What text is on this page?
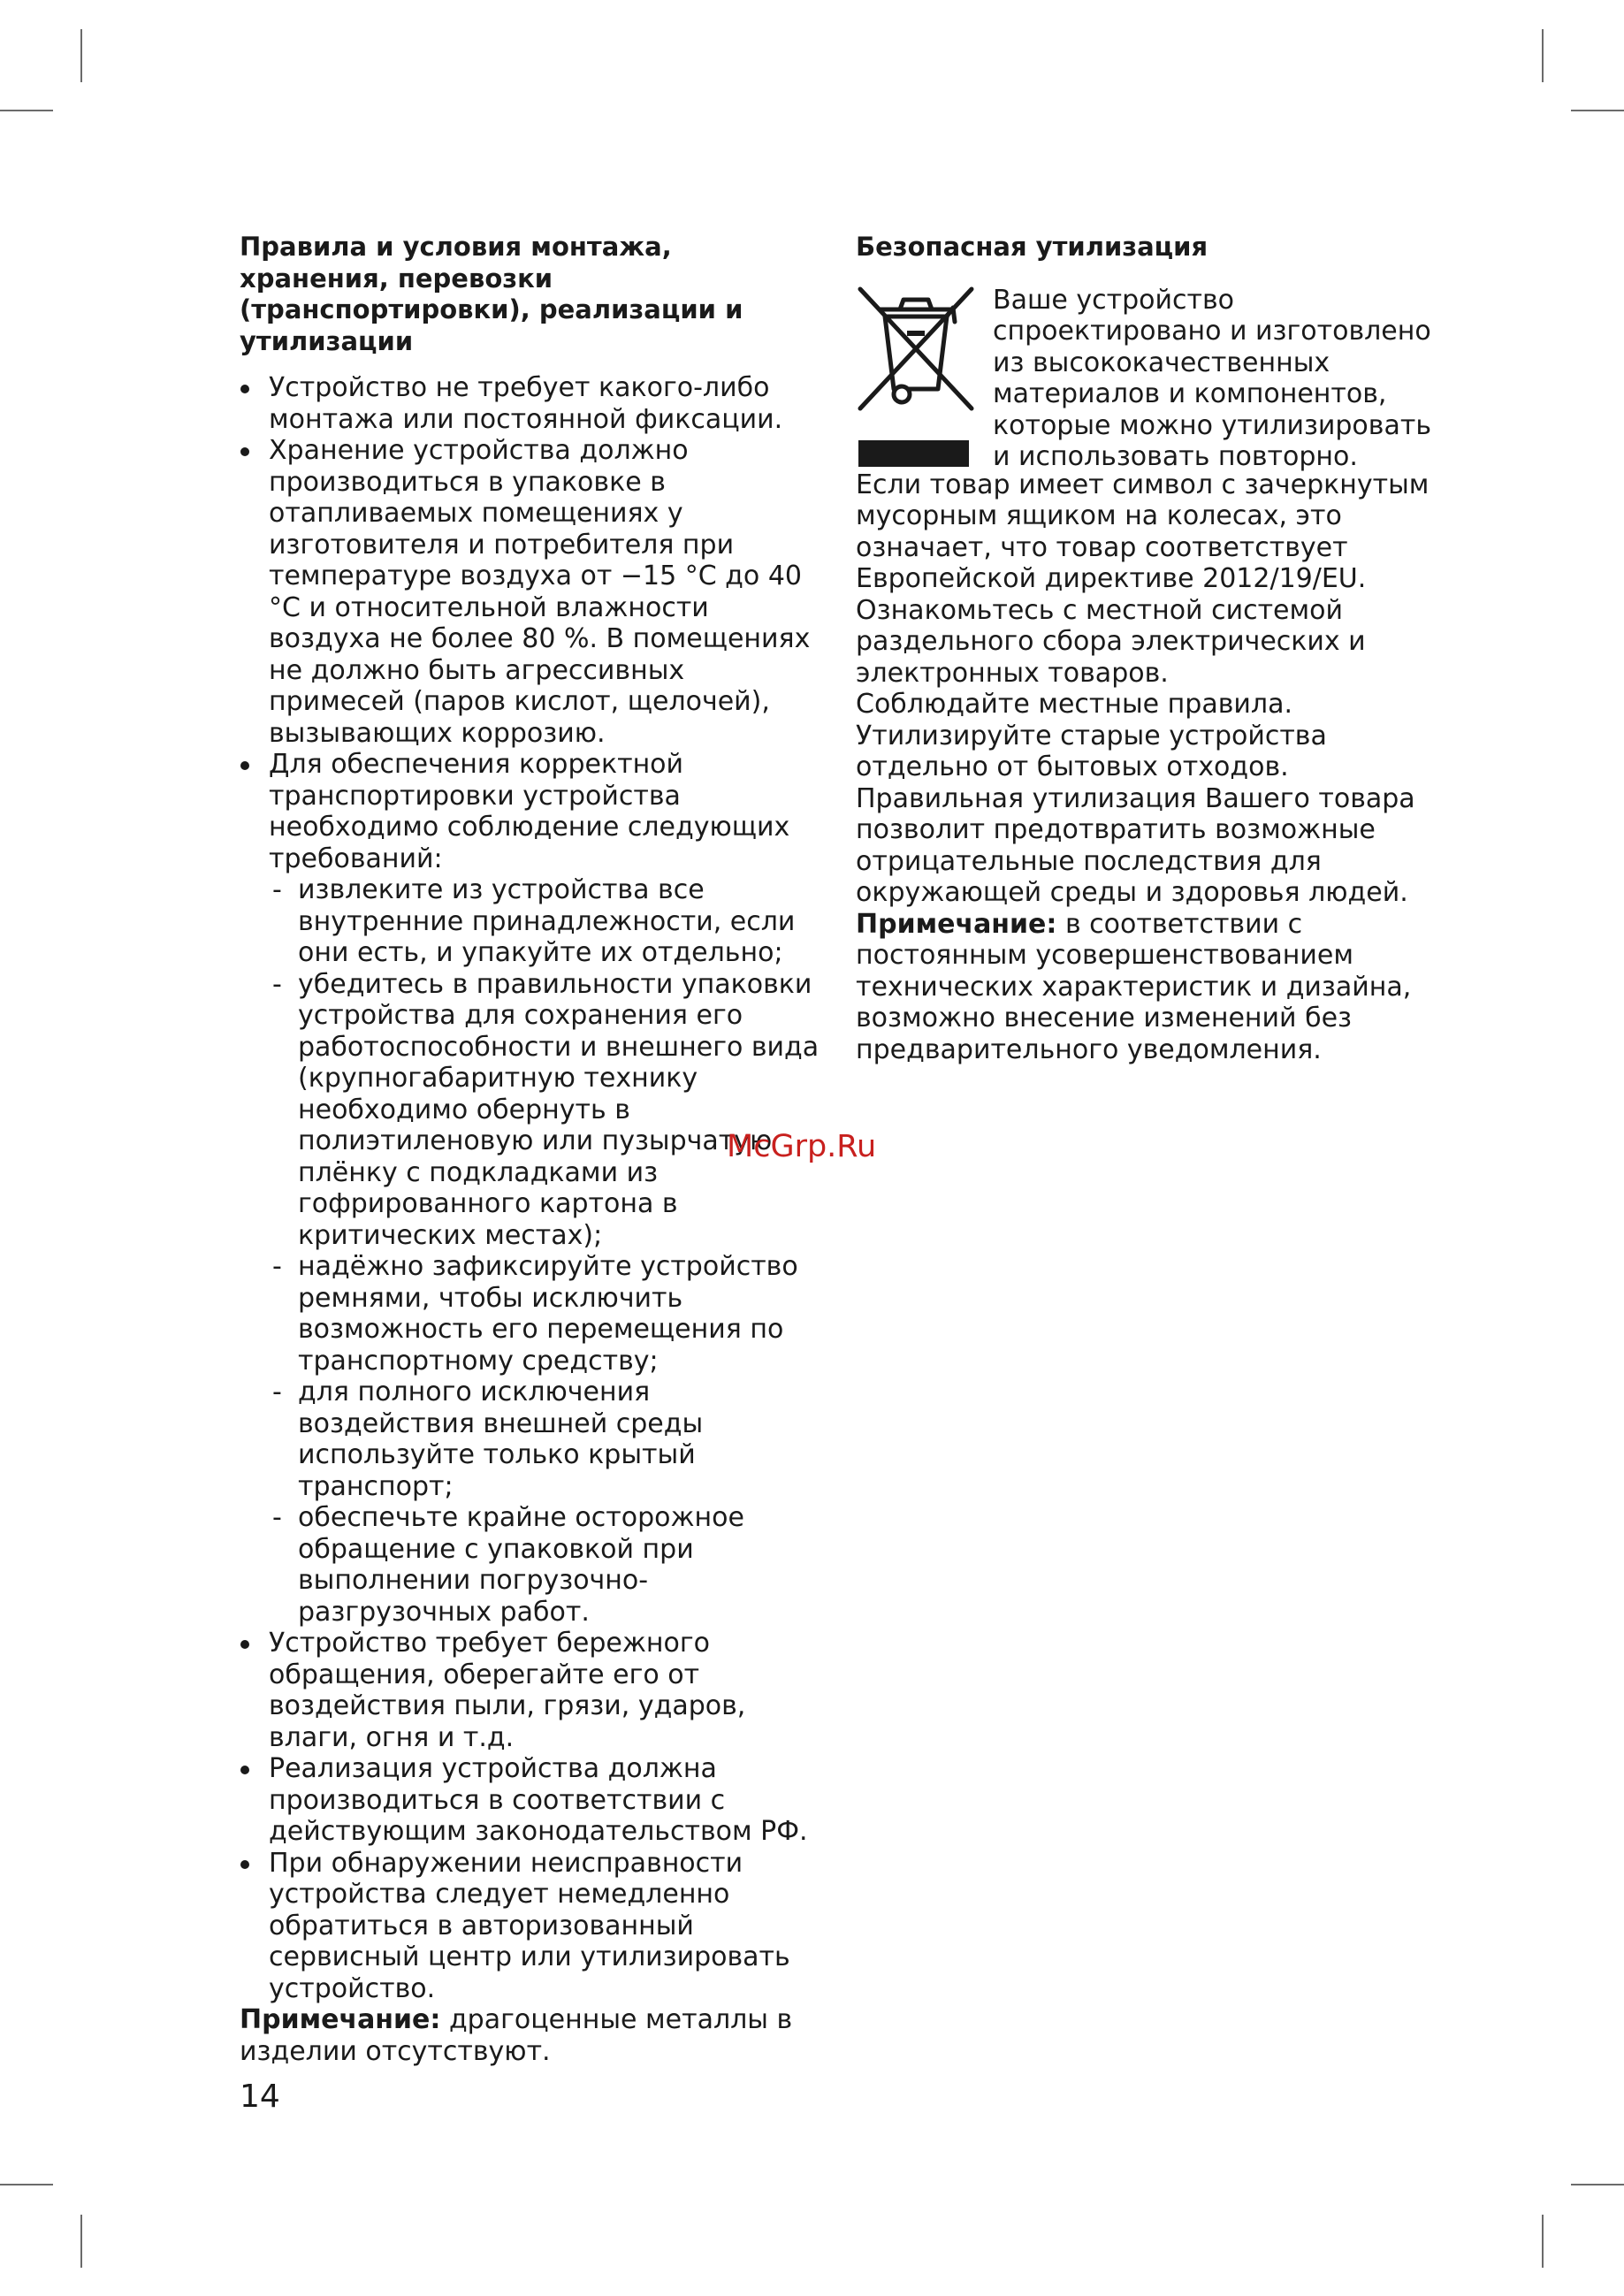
Правила и условия монтажа, хранения, перевозки (транспортировки), реализации и утилизации
Устройство не требует какого-либо монтажа или постоянной фиксации.
Хранение устройства должно производиться в упаковке в отапливаемых помещениях у изготовителя и потребителя при температуре воздуха от −15 °C до 40 °C и относительной влажности воздуха не более 80 %. В помещениях не должно быть агрессивных примесей (паров кислот, щелочей), вызывающих коррозию.
Для обеспечения корректной транспортировки устройства необходимо соблюдение следующих требований:
- извлеките из устройства все внутренние принадлежности, если они есть, и упакуйте их отдельно;
- убедитесь в правильности упаковки устройства для сохранения его работоспособности и внешнего вида (крупногабаритную технику необходимо обернуть в полиэтиленовую или пузырчатую плёнку с подкладками из гофрированного картона в критических местах);
- надёжно зафиксируйте устройство ремнями, чтобы исключить возможность его перемещения по транспортному средству;
- для полного исключения воздействия внешней среды используйте только крытый транспорт;
- обеспечьте крайне осторожное обращение с упаковкой при выполнении погрузочно-разгрузочных работ.
Устройство требует бережного обращения, оберегайте его от воздействия пыли, грязи, ударов, влаги, огня и т.д.
Реализация устройства должна производиться в соответствии с действующим законодательством РФ.
При обнаружении неисправности устройства следует немедленно обратиться в авторизованный сервисный центр или утилизировать устройство.

Примечание: драгоценные металлы в изделии отсутствуют.

Безопасная утилизация

Ваше устройство спроектировано и изготовлено из высококачественных материалов и компонентов, которые можно утилизировать и использовать повторно.

Если товар имеет символ с зачеркнутым мусорным ящиком на колесах, это означает, что товар соответствует Европейской директиве 2012/19/EU.

Ознакомьтесь с местной системой раздельного сбора электрических и электронных товаров.

Соблюдайте местные правила.

Утилизируйте старые устройства отдельно от бытовых отходов. Правильная утилизация Вашего товара позволит предотвратить возможные отрицательные последствия для окружающей среды и здоровья людей.

Примечание: в соответствии с постоянным усовершенствованием технических характеристик и дизайна, возможно внесение изменений без предварительного уведомления.

McGrp.Ru
14
